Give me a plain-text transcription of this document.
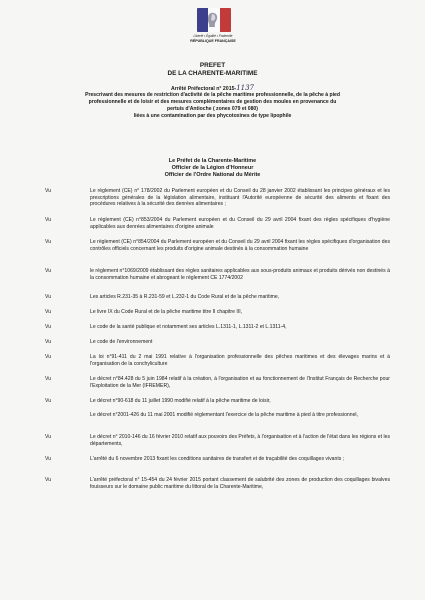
Liberté • Égalité • Fraternité
RÉPUBLIQUE FRANÇAISE
PREFET
DE LA CHARENTE-MARITIME
Arrêté Préfectoral n° 2015-1137
Prescrivant des mesures de restriction d'activité de la pêche maritime professionnelle, de la pêche à pied
professionnelle et de loisir et des mesures complémentaires de gestion des moules en provenance du
pertuis d'Antioche ( zones 079 et 080)
liées à une contamination par des phycotoxines de type lipophile
Le Préfet de la Charente-Maritime
Officier de la Légion d'Honneur
Officier de l'Ordre National du Mérite
Vu	Le règlement (CE) n° 178/2002 du Parlement européen et du Conseil du 28 janvier 2002 établissant les principes généraux et les prescriptions générales de la législation alimentaire, instituant l'Autorité européenne de sécurité des aliments et fixant des procédures relatives à la sécurité des denrées alimentaires ;
Vu	Le règlement (CE) n°853/2004 du Parlement européen et du Conseil du 29 avril 2004 fixant des règles spécifiques d'hygiène applicables aux denrées alimentaires d'origine animale
Vu	Le règlement (CE) n°854/2004 du Parlement européen et du Conseil du 29 avril 2004 fixant les règles spécifiques d'organisation des contrôles officiels concernant les produits d'origine animale destinés à la consommation humaine
Vu	le règlement n°1069/2009 établissant des règles sanitaires applicables aux sous-produits animaux et produits dérivés non destinés à la consommation humaine et abrogeant le règlement CE 1774/2002
Vu	Les articles R.231-35 à R.231-59 et L.232-1 du Code Rural et de la pêche maritime,
Vu	Le livre IX du Code Rural et de la pêche maritime titre II chapitre III,
Vu	Le code de la santé publique et notamment ses articles L.1311-1, L.1311-2 et L.1311-4,
Vu	Le code de l'environnement
Vu	La loi n°91-411 du 2 mai 1991 relative à l'organisation professionnelle des pêches maritimes et des élevages marins et à l'organisation de la conchyliculture
Vu	Le décret n°84.428 du 5 juin 1984 relatif à la création, à l'organisation et au fonctionnement de l'Institut Français de Recherche pour l'Exploitation de la Mer (IFREMER),
Vu	Le décret n°90-618 du 11 juillet 1990 modifié relatif à la pêche maritime de loisir,
Le décret n°2001-426 du 11 mai 2001 modifié réglementant l'exercice de la pêche maritime à pied à titre professionnel,
Vu	Le décret n° 2010-146 du 16 février 2010 relatif aux pouvoirs des Préfets, à l'organisation et à l'action de l'état dans les régions et les départements,
Vu	L'arrêté du 6 novembre 2013 fixant les conditions sanitaires de transfert et de traçabilité des coquillages vivants ;
Vu	L'arrêté préfectoral n° 15-454 du 24 février 2015 portant classement de salubrité des zones de production des coquillages bivalves fouisseurs sur le domaine public maritime du littoral de la Charente-Maritime,
